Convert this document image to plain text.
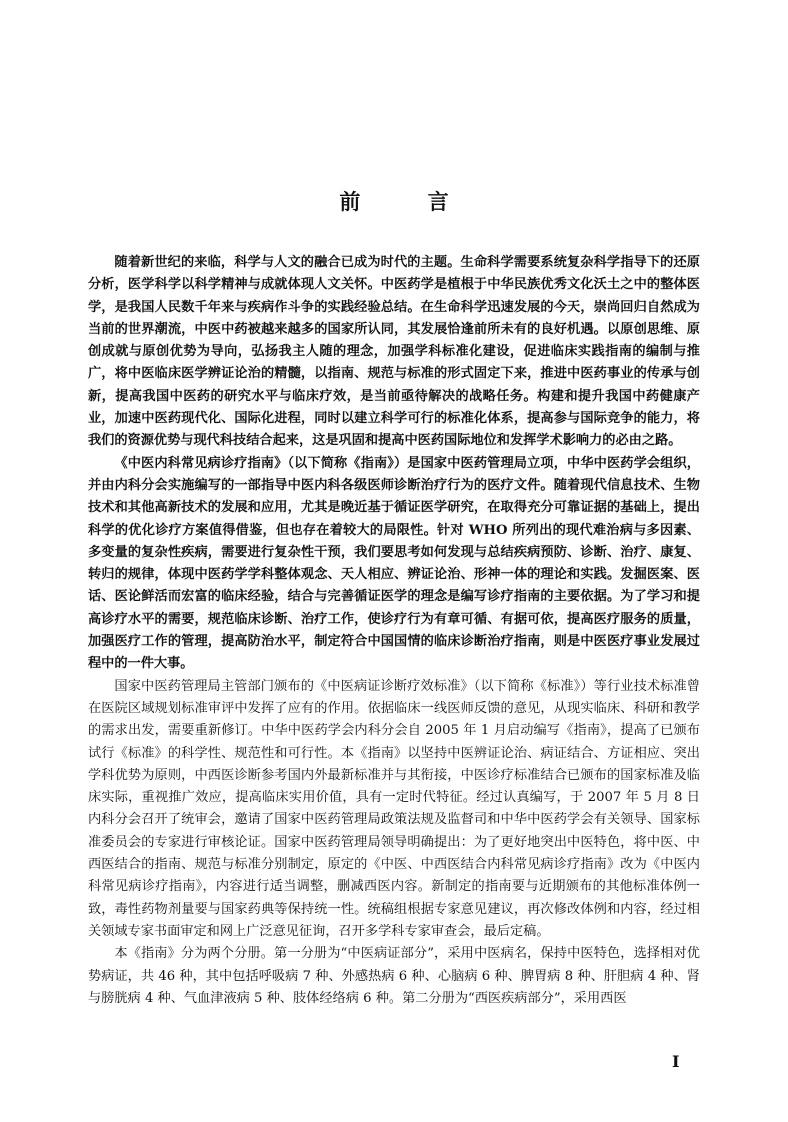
前 言

随着新世纪的来临，科学与人文的融合已成为时代的主题。生命科学需要系统复杂科学指导下的还原分析，医学科学以科学精神与成就体现人文关怀。中医药学是植根于中华民族优秀文化沃土之中的整体医学，是我国人民数千年来与疾病作斗争的实践经验总结。在生命科学迅速发展的今天，崇尚回归自然成为当前的世界潮流，中医中药被越来越多的国家所认同，其发展恰逢前所未有的良好机遇。以原创思维、原创成就与原创优势为导向，弘扬我主人随的理念，加强学科标准化建设，促进临床实践指南的编制与推广，将中医临床医学辨证论治的精髓，以指南、规范与标准的形式固定下来，推进中医药事业的传承与创新，提高我国中医药的研究水平与临床疗效，是当前亟待解决的战略任务。构建和提升我国中药健康产业，加速中医药现代化、国际化进程，同时以建立科学可行的标准化体系，提高参与国际竞争的能力，将我们的资源优势与现代科技结合起来，这是巩固和提高中医药国际地位和发挥学术影响力的必由之路。

《中医内科常见病诊疗指南》（以下简称《指南》）是国家中医药管理局立项，中华中医药学会组织，并由内科分会实施编写的一部指导中医内科各级医师诊断治疗行为的医疗文件。随着现代信息技术、生物技术和其他高新技术的发展和应用，尤其是晚近基于循证医学研究，在取得充分可靠证据的基础上，提出科学的优化诊疗方案值得借鉴，但也存在着较大的局限性。针对 WHO 所列出的现代难治病与多因素、多变量的复杂性疾病，需要进行复杂性干预，我们要思考如何发现与总结疾病预防、诊断、治疗、康复、转归的规律，体现中医药学学科整体观念、天人相应、辨证论治、形神一体的理论和实践。发掘医案、医话、医论鲜活而宏富的临床经验，结合与完善循证医学的理念是编写诊疗指南的主要依据。为了学习和提高诊疗水平的需要，规范临床诊断、治疗工作，使诊疗行为有章可循、有据可依，提高医疗服务的质量，加强医疗工作的管理，提高防治水平，制定符合中国国情的临床诊断治疗指南，则是中医医疗事业发展过程中的一件大事。

国家中医药管理局主管部门颁布的《中医病证诊断疗效标准》（以下简称《标准》）等行业技术标准曾在医院区域规划标准审评中发挥了应有的作用。依据临床一线医师反馈的意见，从现实临床、科研和教学的需求出发，需要重新修订。中华中医药学会内科分会自 2005 年 1 月启动编写《指南》，提高了已颁布试行《标准》的科学性、规范性和可行性。本《指南》以坚持中医辨证论治、病证结合、方证相应、突出学科优势为原则，中西医诊断参考国内外最新标准并与其衔接，中医诊疗标准结合已颁布的国家标准及临床实际，重视推广效应，提高临床实用价值，具有一定时代特征。经过认真编写，于 2007 年 5 月 8 日内科分会召开了统审会，邀请了国家中医药管理局政策法规及监督司和中华中医药学会有关领导、国家标准委员会的专家进行审核论证。国家中医药管理局领导明确提出：为了更好地突出中医特色，将中医、中西医结合的指南、规范与标准分别制定，原定的《中医、中西医结合内科常见病诊疗指南》改为《中医内科常见病诊疗指南》，内容进行适当调整，删减西医内容。新制定的指南要与近期颁布的其他标准体例一致，毒性药物剂量要与国家药典等保持统一性。统稿组根据专家意见建议，再次修改体例和内容，经过相关领域专家书面审定和网上广泛意见征询，召开多学科专家审查会，最后定稿。

本《指南》分为两个分册。第一分册为“中医病证部分”，采用中医病名，保持中医特色，选择相对优势病证，共 46 种，其中包括呼吸病 7 种、外感热病 6 种、心脑病 6 种、脾胃病 8 种、肝胆病 4 种、肾与膀胱病 4 种、气血津液病 5 种、肢体经络病 6 种。第二分册为“西医疾病部分”，采用西医

I
